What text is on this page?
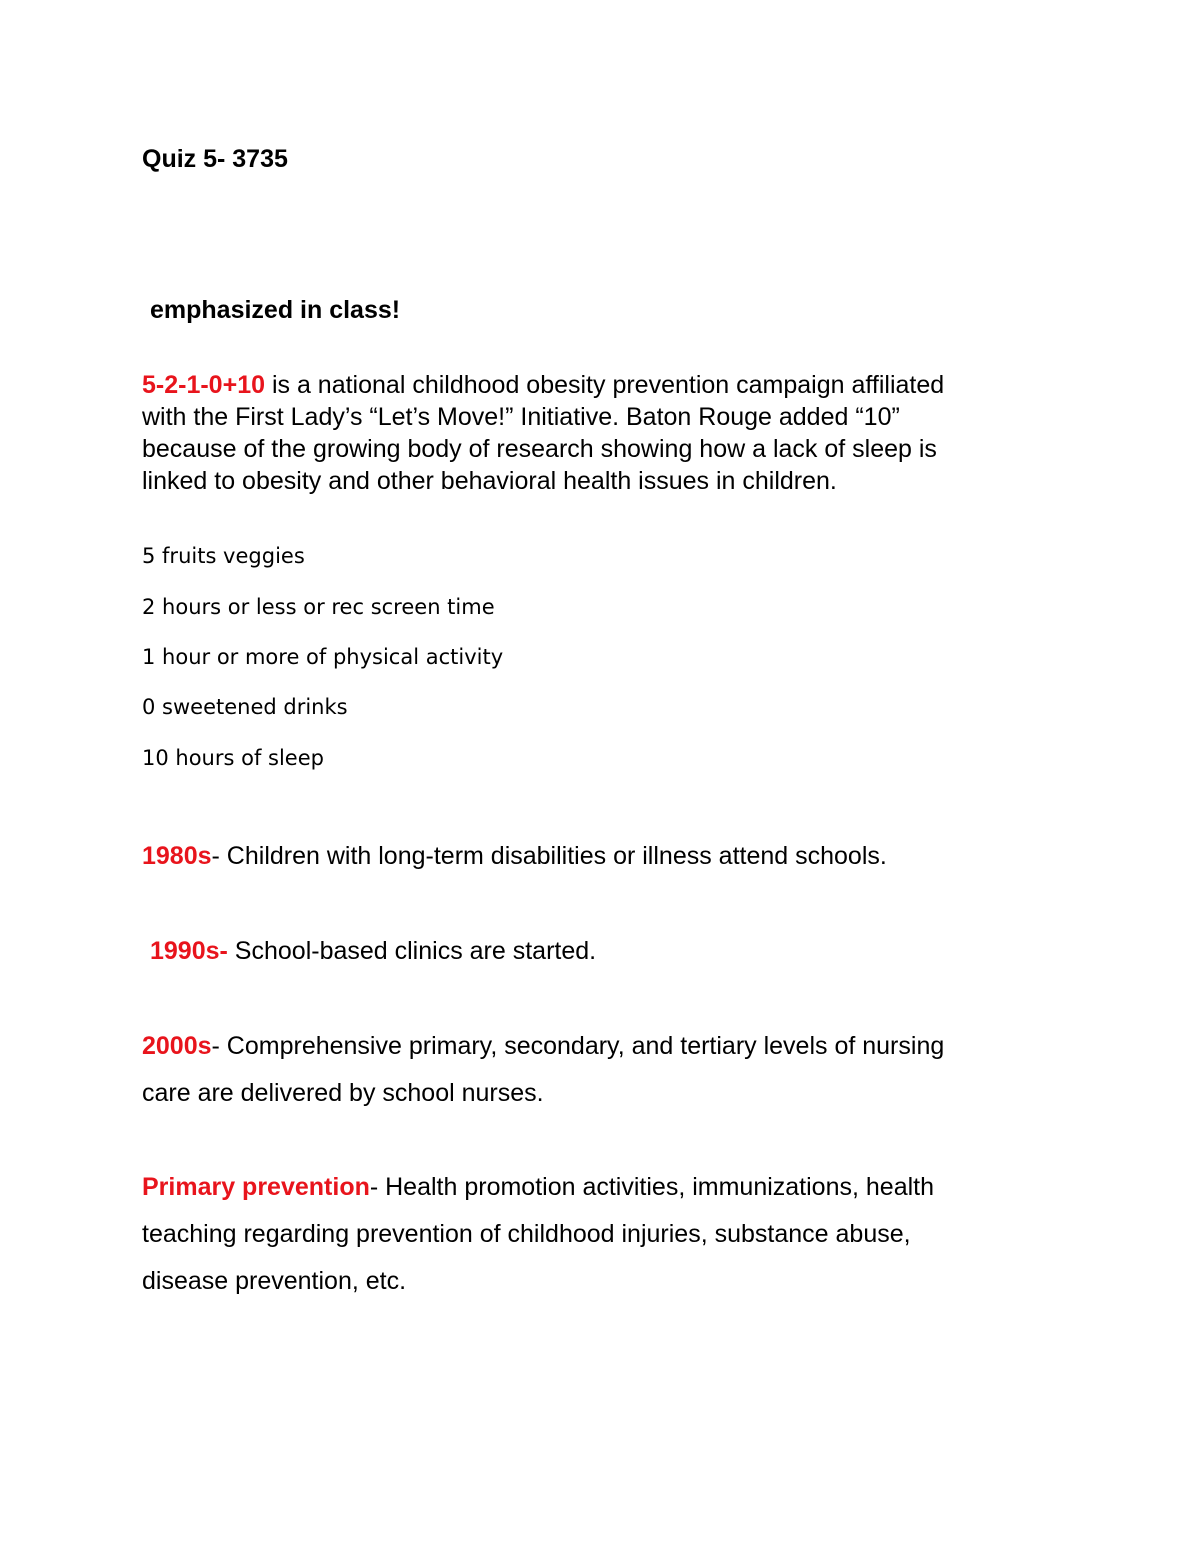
Quiz 5- 3735
emphasized in class!
5-2-1-0+10 is a national childhood obesity prevention campaign affiliated
with the First Lady’s “Let’s Move!” Initiative. Baton Rouge added “10”
because of the growing body of research showing how a lack of sleep is
linked to obesity and other behavioral health issues in children.
5 fruits veggies
2 hours or less or rec screen time
1 hour or more of physical activity
0 sweetened drinks
10 hours of sleep
1980s- Children with long-term disabilities or illness attend schools.
1990s- School-based clinics are started.
2000s- Comprehensive primary, secondary, and tertiary levels of nursing
care are delivered by school nurses.
Primary prevention- Health promotion activities, immunizations, health
teaching regarding prevention of childhood injuries, substance abuse,
disease prevention, etc.
